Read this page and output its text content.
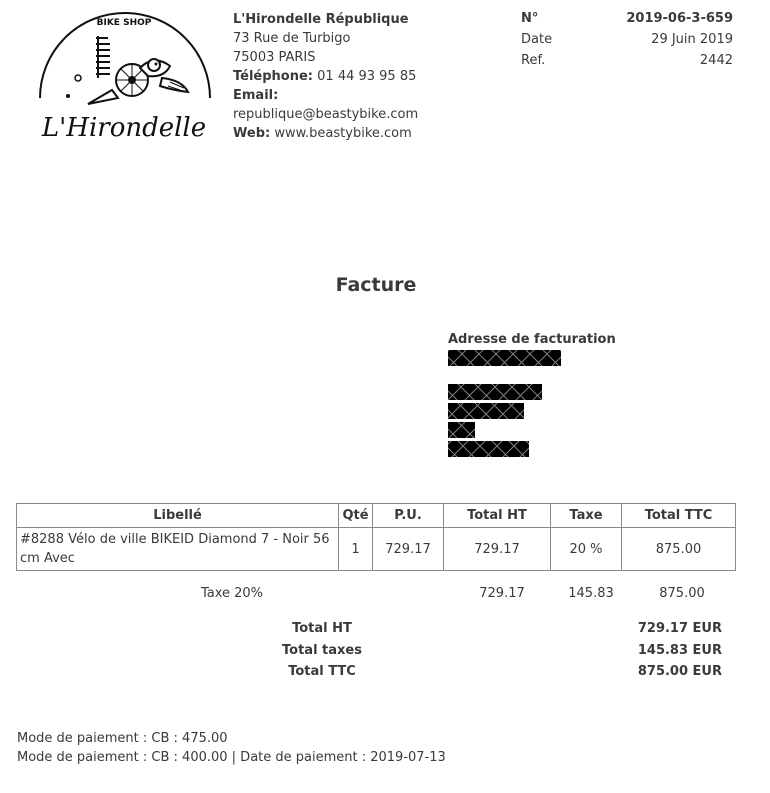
BIKE SHOP
L'Hirondelle
L'Hirondelle République
73 Rue de Turbigo
75003 PARIS
Téléphone: 01 44 93 95 85
Email:
republique@beastybike.com
Web: www.beastybike.com
N°	2019-06-3-659
Date	29 Juin 2019
Ref.	2442
Facture
Adresse de facturation
Libellé	Qté	P.U.	Total HT	Taxe	Total TTC
#8288 Vélo de ville BIKEID Diamond 7 - Noir 56 cm Avec	1	729.17	729.17	20 %	875.00
Taxe 20%	729.17	145.83	875.00
Total HT	729.17 EUR
Total taxes	145.83 EUR
Total TTC	875.00 EUR
Mode de paiement : CB : 475.00
Mode de paiement : CB : 400.00 | Date de paiement : 2019-07-13
